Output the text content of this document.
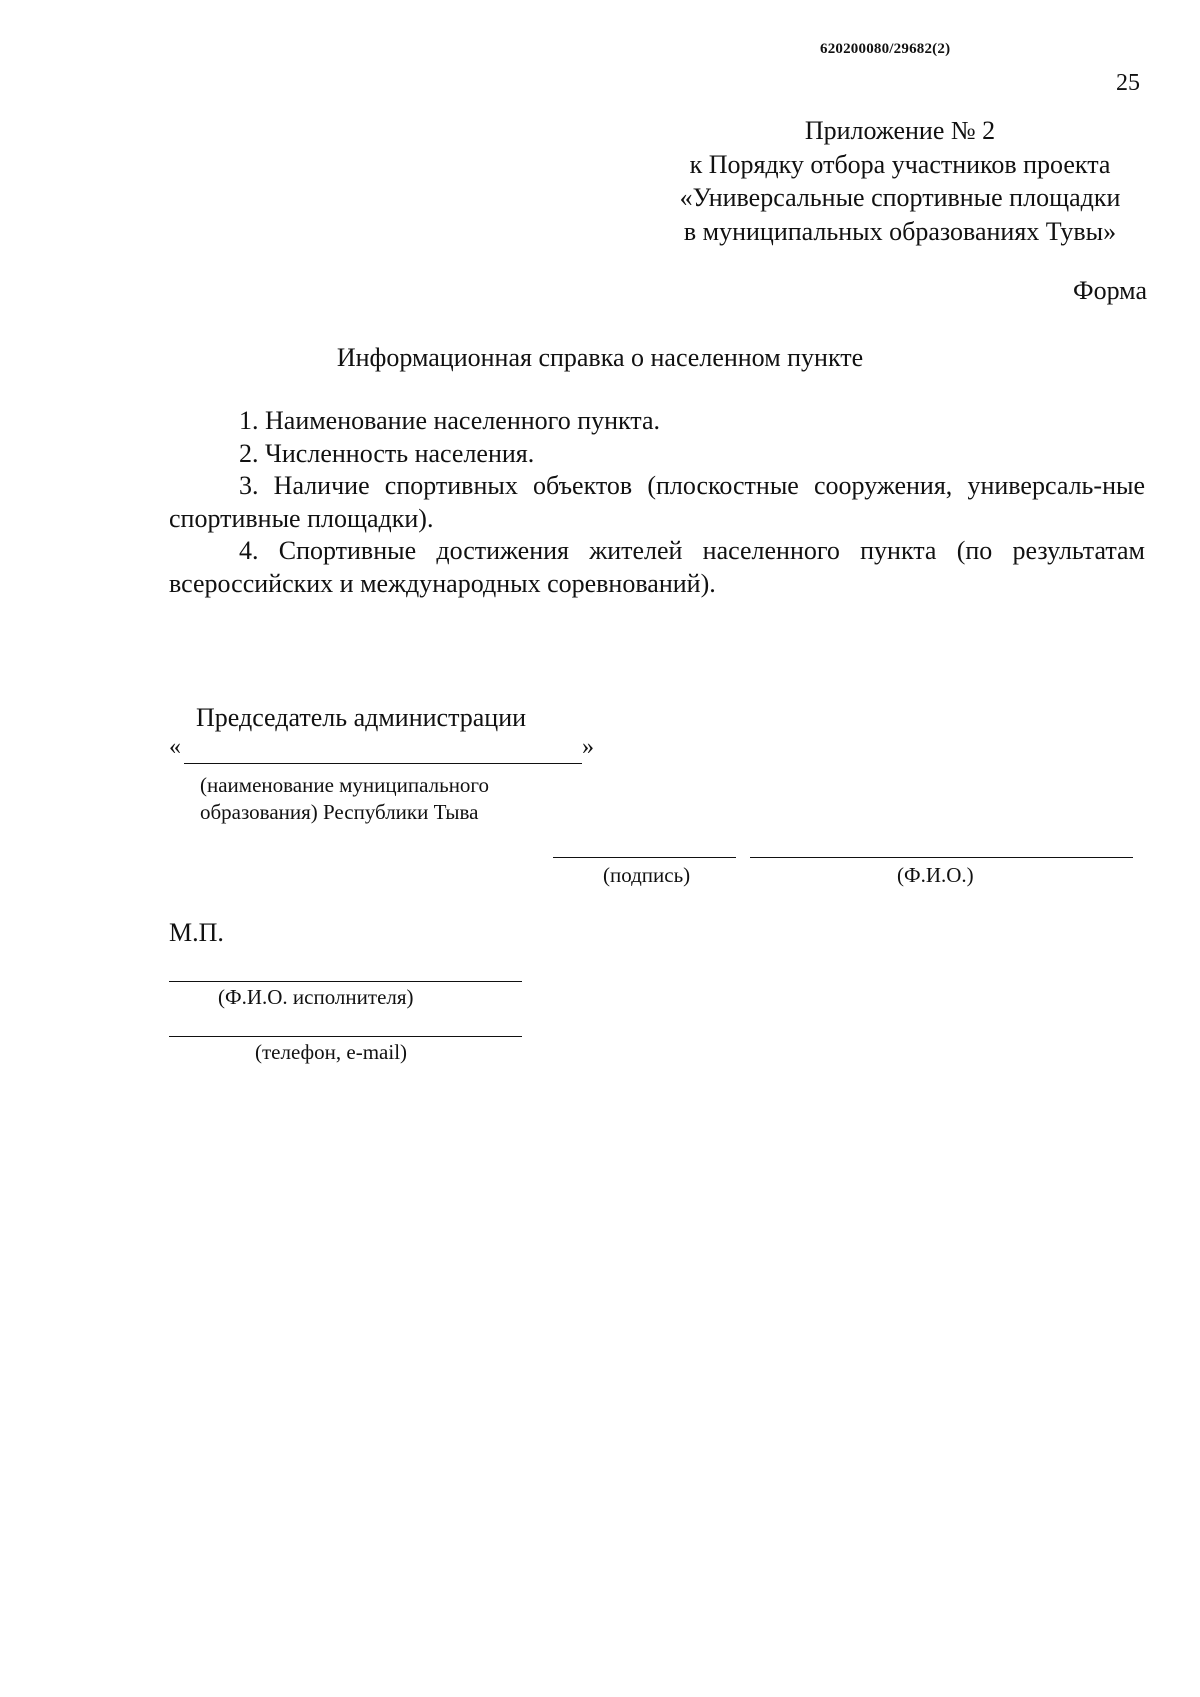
620200080/29682(2)
25
Приложение № 2
к Порядку отбора участников проекта
«Универсальные спортивные площадки
в муниципальных образованиях Тувы»
Форма
Информационная справка о населенном пункте

1. Наименование населенного пункта.

2. Численность населения.

3. Наличие спортивных объектов (плоскостные сооружения, универсаль-ные спортивные площадки).

4. Спортивные достижения жителей населенного пункта (по результатам всероссийских и международных соревнований).

Председатель администрации
«	»
(наименование муниципального
образования) Республики Тыва
(подпись)	(Ф.И.О.)
М.П.
(Ф.И.О. исполнителя)
(телефон, e-mail)
